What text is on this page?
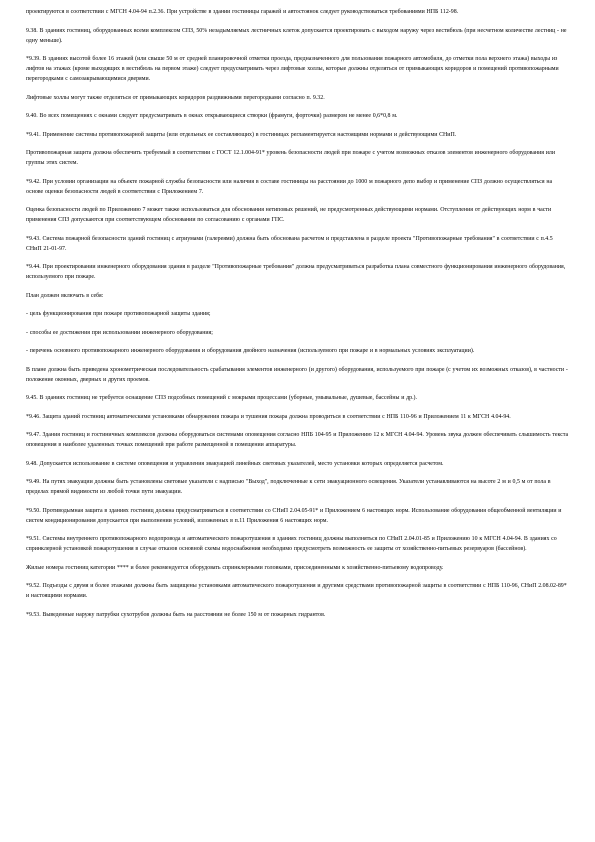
проектируются в соответствии с МГСН 4.04-94 п.2.36. При устройстве в здании гостиницы гаражей и автостоянок следует руководствоваться требованиями НПБ 112-98.

9.38. В зданиях гостиниц, оборудованных всеми комплексом СПЗ, 50% незадымляемых лестничных клеток допускается проектировать с выходом наружу через вестибюль (при несчетном количестве лестниц - не одну меньше).

*9.39. В зданиях высотой более 16 этажей (или свыше 50 м от средней планировочной отметки проезда, предназначенного для пользования пожарного автомобиля, до отметки пола верхнего этажа) выходы из лифтов на этажах (кроме выходящих в вестибюль на первом этаже) следует предусматривать через лифтовые холлы, которые должны отделяться от примыкающих коридоров и помещений противопожарными перегородками с самозакрывающимися дверями.

Лифтовые холлы могут также отделяться от примыкающих коридоров раздвижными перегородками согласно п. 9.32.

9.40. Во всех помещениях с окнами следует предусматривать в окнах открывающиеся створки (фрамуги, форточки) размером не менее 0,6*0,8 м.

*9.41. Применение системы противопожарной защиты (или отдельных ее составляющих) в гостиницах регламентируется настоящими нормами и действующими СНиП.

Противопожарная защита должна обеспечить требуемый в соответствии с ГОСТ 12.1.004-91* уровень безопасности людей при пожаре с учетом возможных отказов элементов инженерного оборудования или группы этих систем.

*9.42. При условии организации на объекте пожарной службы безопасности или наличия в составе гостиницы на расстоянии до 1000 м пожарного депо выбор и применение СПЗ должно осуществляться на основе оценки безопасности людей в соответствии с Приложением 7.

Оценка безопасности людей по Приложению 7 может также использоваться для обоснования нетиповых решений, не предусмотренных действующими нормами. Отступления от действующих норм в части применения СПЗ допускаются при соответствующем обосновании по согласованию с органами ГПС.

*9.43. Система пожарной безопасности зданий гостиниц с атриумами (галереями) должна быть обоснована расчетом и представлена в разделе проекта "Противопожарные требования" в соответствии с п.4.5 СНиП 21-01-97.

*9.44. При проектировании инженерного оборудования здания в разделе "Противопожарные требования" должна предусматриваться разработка плана совместного функционирования инженерного оборудования, используемого при пожаре.

План должен включать в себя:

- цель функционирования при пожаре противопожарной защиты здания;

- способы ее достижения при использовании инженерного оборудования;

- перечень основного противопожарного инженерного оборудования и оборудования двойного назначения (используемого при пожаре и в нормальных условиях эксплуатации).

В плане должна быть приведена хронометрическая последовательность срабатывания элементов инженерного (и другого) оборудования, используемого при пожаре (с учетом их возможных отказов), в частности - положение оконных, дверных и других проемов.

9.45. В зданиях гостиниц не требуется оснащение СПЗ подсобных помещений с мокрыми процессами (уборные, умывальные, душевые, бассейны и др.).

*9.46. Защита зданий гостиниц автоматическими установками обнаружения пожара и тушения пожара должна проводиться в соответствии с НПБ 110-96 и Приложением 11 к МГСН 4.04-94.

*9.47. Здания гостиниц и гостиничных комплексов должны оборудоваться системами оповещения согласно НПБ 104-95 и Приложению 12 к МГСН 4.04-94. Уровень звука должен обеспечивать слышимость текста оповещения в наиболее удаленных точках помещений при работе размещенной в помещении аппаратуры.

9.48. Допускается использование в системе оповещения и управления эвакуацией линейных световых указателей, место установки которых определяется расчетом.

*9.49. На путях эвакуации должны быть установлены световые указатели с надписью "Выход", подключенные к сети эвакуационного освещения. Указатели устанавливаются на высоте 2 м и 0,5 м от пола в пределах прямой видимости из любой точки пути эвакуации.

*9.50. Противодымная защита в зданиях гостиниц должна предусматриваться в соответствии со СНиП 2.04.05-91* и Приложением 6 настоящих норм. Использование оборудования общеобменной вентиляции и систем кондиционирования допускается при выполнении условий, изложенных в п.11 Приложения 6 настоящих норм.

*9.51. Системы внутреннего противопожарного водопровода и автоматического пожаротушения в зданиях гостиниц должны выполняться по СНиП 2.04.01-85 и Приложению 10 к МГСН 4.04-94. В зданиях со спринклерной установкой пожаротушения в случае отказов основной схемы водоснабжения необходимо предусмотреть возможность ее защиты от хозяйственно-питьевых резервуаров (бассейнов).

Жилые номера гостиниц категории **** и более рекомендуется оборудовать спринклерными головками, присоединенными к хозяйственно-питьевому водопроводу.

*9.52. Подъезды с двумя и более этажами должны быть защищены установками автоматического пожаротушения и другими средствами противопожарной защиты в соответствии с НПБ 110-96, СНиП 2.08.02-89* и настоящими нормами.

*9.53. Выведенные наружу патрубки сухотрубов должны быть на расстоянии не более 150 м от пожарных гидрантов.
